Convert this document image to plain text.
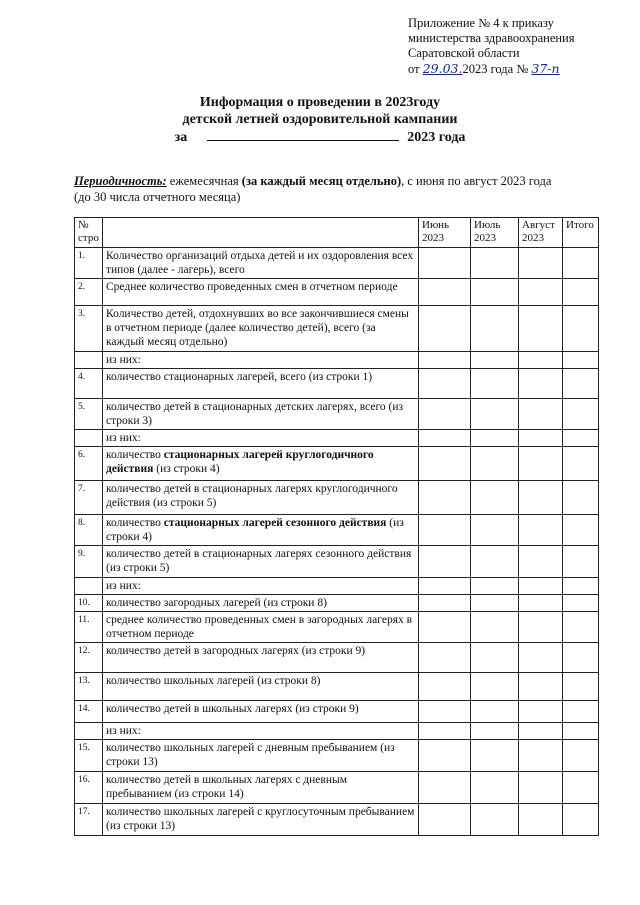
Приложение № 4 к приказу
министерства здравоохранения
Саратовской области
от 29.03.2023 года № 37-п
Информация о проведении в 2023году
детской летней оздоровительной кампании
за	2023 года
Периодичность: ежемесячная (за каждый месяц отдельно), с июня по август 2023 года
(до 30 числа отчетного месяца)
№ стро		Июнь 2023	Июль 2023	Август 2023	Итого
1.	Количество организаций отдыха детей и их оздоровления всех типов (далее - лагерь), всего				
2.	Среднее количество проведенных смен в отчетном периоде				
3.	Количество детей, отдохнувших во все закончившиеся смены в отчетном периоде (далее количество детей), всего (за каждый месяц отдельно)				
	из них:				
4.	количество стационарных лагерей, всего (из строки 1)				
5.	количество детей в стационарных детских лагерях, всего (из строки 3)				
	из них:				
6.	количество стационарных лагерей круглогодичного действия (из строки 4)				
7.	количество детей в стационарных лагерях круглогодичного действия (из строки 5)				
8.	количество стационарных лагерей сезонного действия (из строки 4)				
9.	количество детей в стационарных лагерях сезонного действия (из строки 5)				
	из них:				
10.	количество загородных лагерей (из строки 8)				
11.	среднее количество проведенных смен в загородных лагерях в отчетном периоде				
12.	количество детей в загородных лагерях (из строки 9)				
13.	количество школьных лагерей (из строки 8)				
14.	количество детей в школьных лагерях (из строки 9)				
	из них:				
15.	количество школьных лагерей с дневным пребыванием (из строки 13)				
16.	количество детей в школьных лагерях с дневным пребыванием (из строки 14)				
17.	количество школьных лагерей с круглосуточным пребыванием (из строки 13)				
